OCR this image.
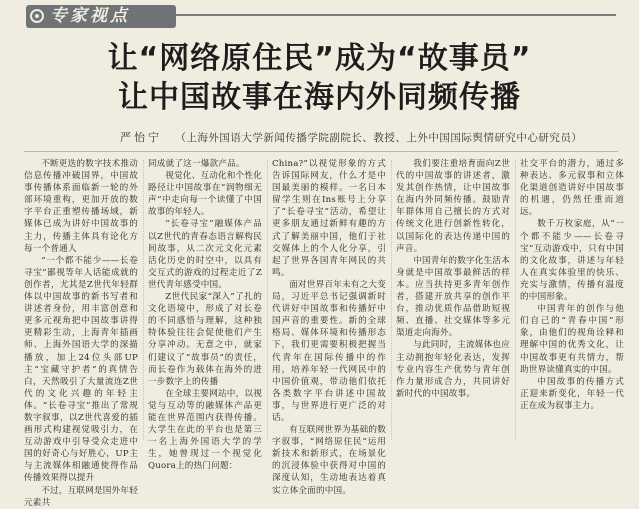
专家视点
让“网络原住民”成为“故事员”
让中国故事在海内外同频传播
严怡宁 （上海外国语大学新闻传播学院副院长、教授、上外中国国际舆情研究中心研究员）

不断更迭的数字技术推动信息传播冲破国界，中国故事传播体系面临新一轮的外部环境重构，更加开放的数字平台正重塑传播场域，新媒体已成为讲好中国故事的主力，传播主体具有论化方每一个普通人

“一个都不能少——长卷寻宝”鄙视等年人话能成就的创作者，尤其是Z世代年轻群体以中国故事的新书写者和讲述者身份，用丰富创意和更多元视角把中国故事讲得更精彩生动，上海青年插画师、上海外国语大学的深描播放，加上24位头部UP主“宝藏守护者”的真情告白，天然吸引了大量流连Z世代的文化兴趣的年轻主体。“长卷寻宝”推出了常规数字叙事，以Z世代喜爱的插画形式构建视觉吸引力，在互动游戏中引导受众走进中国的好奇心与好胜心，UP主与主流媒体相融通使得作品传播效果得以提升

不过，互联网是国外年轻元素共

同成就了这一爆款产品。

视觉化、互动化和个性化路径让中国故事在“润物细无声”中走向每一个读懂了中国故事的年轻人。

“长卷寻宝”融媒体产品以Z世代的青春态语言解构民间故事，从二次元文化元素活化历史的时空中，以具有交互式的游戏的过程走近了Z世代青年感受中国。

Z世代民家“深入”了扎的文化语境中，形成了对长卷的不同感悟与理解，这种独特体验往往会促使他们产生分享冲动。无意之中，就家们建议了“故事员”的责任，而长卷作为载体在海外的进一步数字上的传播

在全球主要网站中，以视觉与互动等的融媒体产品更能在世界范围内获得传播。大学生在此的平台也是第三一名上海外国语大学的学生，她曾现过一个视觉化Quora上的热门问题：

China?”以视觉形象的方式告诉国际网友，什么才是中国最美丽的模样。一名日本留学生则在Ins账号上分享了“长卷寻宝”活动，希望让更多朋友通过新鲜有趣的方式了解美丽中国，他们于社交媒体上的个人化分享，引起了世界各国青年网民的共鸣。

面对世界百年未有之大变局，习近平总书记强调新时代讲好中国故事和传播好中国声音的重要性。新的全球格局、媒体环境和传播形态下，我们更需要积极把握当代青年在国际传播中的作用，培养年轻一代网民中的中国价值观，带动他们依托各类数字平台讲述中国故事，与世界进行更广泛的对话。

有互联网世界为基础的数字叙事，“网络原住民”运用新技术和新形式，在场景化的沉浸体验中获得对中国的深度认知，生动地表达着真实立体全面的中国。

我们要注重培育面向Z世代的中国故事的讲述者，激发其创作热情，让中国故事在海内外同频传播。鼓励青年群体用自己擅长的方式对传统文化进行创新性转化，以国际化的表达传递中国的声音。

中国青年的数字化生活本身就是中国故事最鲜活的样本。应当扶持更多青年创作者，搭建开放共享的创作平台，推动优质作品借助短视频、直播、社交媒体等多元渠道走向海外。

与此同时，主流媒体也应主动拥抱年轻化表达，发挥专业内容生产优势与青年创作力量形成合力，共同讲好新时代的中国故事。

社交平台的潜力，通过多种表达、多元叙事和立体化渠道创造讲好中国故事的机遇，仍然任重而道远。

数千万枚家庭，从“一个都不能少——长卷寻宝”互动游戏中，只有中国的文化故事，讲述与年轻人在真实体验里的快乐、充实与激情，传播有温度的中国形象。

中国青年的创作与他们自己的“青春中国”形象，由他们的视角诠释和理解中国的优秀文化，让中国故事更有共情力，帮助世界读懂真实的中国。

中国故事的传播方式正迎来新变化，年轻一代正在成为叙事主力。
